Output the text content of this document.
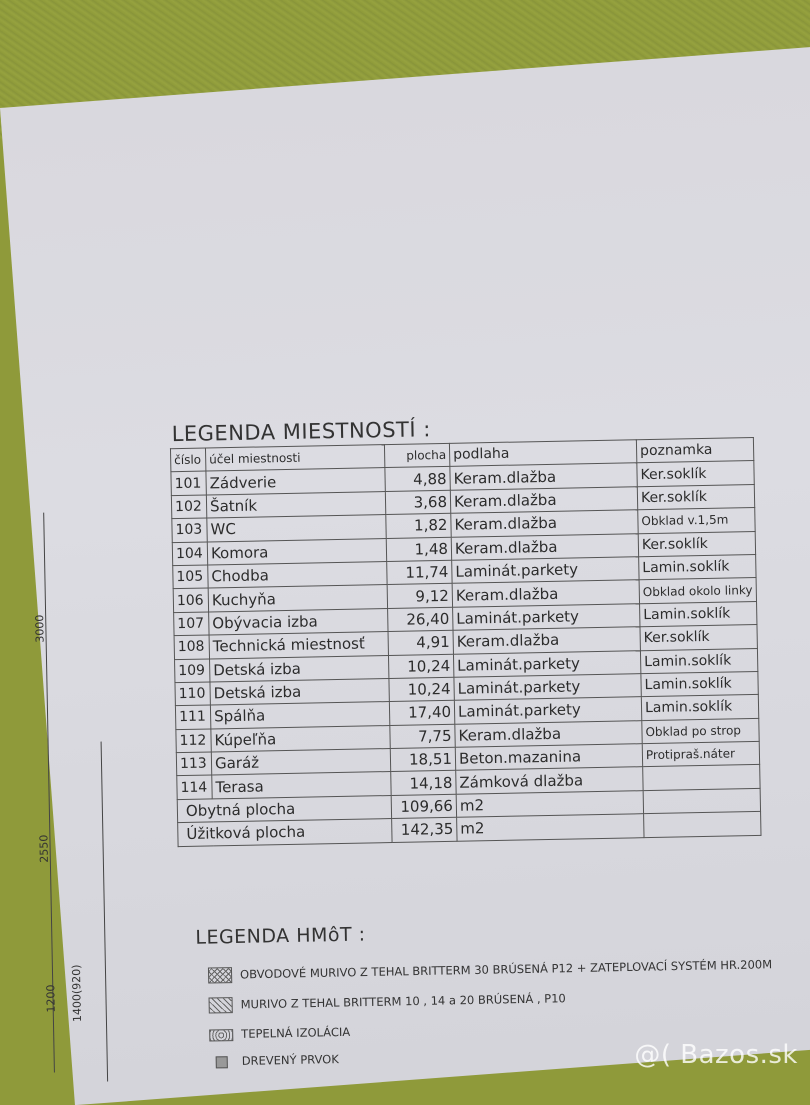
3000
2550
1200 1400(920)
LEGENDA MIESTNOSTÍ :
číslo	účel miestnosti	plocha	podlaha	poznamka
101	Zádverie	4,88	Keram.dlažba	Ker.soklík
102	Šatník	3,68	Keram.dlažba	Ker.soklík
103	WC	1,82	Keram.dlažba	Obklad v.1,5m
104	Komora	1,48	Keram.dlažba	Ker.soklík
105	Chodba	11,74	Laminát.parkety	Lamin.soklík
106	Kuchyňa	9,12	Keram.dlažba	Obklad okolo linky
107	Obývacia izba	26,40	Laminát.parkety	Lamin.soklík
108	Technická miestnosť	4,91	Keram.dlažba	Ker.soklík
109	Detská izba	10,24	Laminát.parkety	Lamin.soklík
110	Detská izba	10,24	Laminát.parkety	Lamin.soklík
111	Spálňa	17,40	Laminát.parkety	Lamin.soklík
112	Kúpeľňa	7,75	Keram.dlažba	Obklad po strop
113	Garáž	18,51	Beton.mazanina	Protipraš.náter
114	Terasa	14,18	Zámková dlažba	
Obytná plocha		109,66	m2	
Úžitková plocha		142,35	m2	
LEGENDA HMôT :
OBVODOVÉ MURIVO Z TEHAL BRITTERM 30 BRÚSENÁ P12 + ZATEPLOVACÍ SYSTÉM HR.200M
MURIVO Z TEHAL BRITTERM 10 , 14 a 20 BRÚSENÁ , P10
TEPELNÁ IZOLÁCIA
DREVENÝ PRVOK	@( Bazos.sk
